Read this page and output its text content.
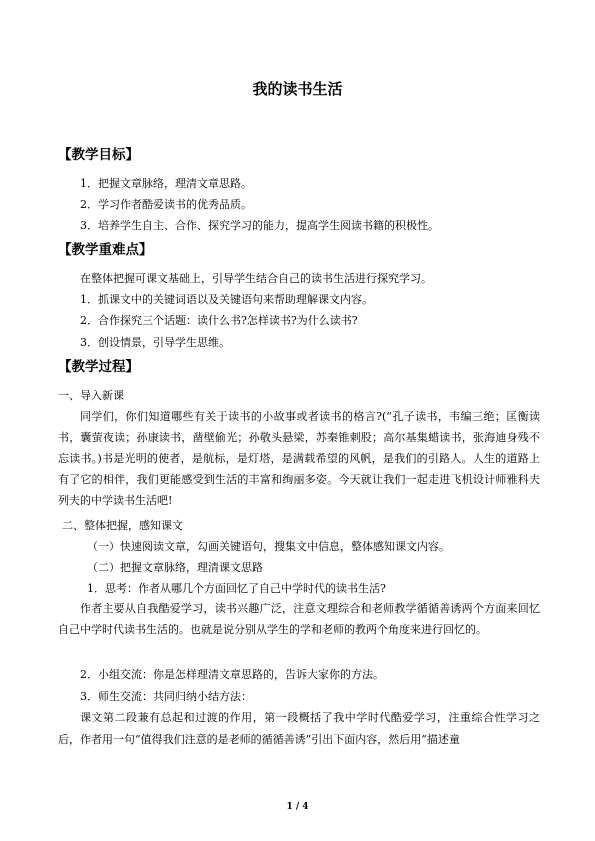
我的读书生活
【教学目标】
1．把握文章脉络，理清文章思路。
2．学习作者酷爱读书的优秀品质。
3．培养学生自主、合作、探究学习的能力，提高学生阅读书籍的积极性。
【教学重难点】
在整体把握可课文基础上，引导学生结合自己的读书生活进行探究学习。
1．抓课文中的关键词语以及关键语句来帮助理解课文内容。
2．合作探究三个话题：读什么书?怎样读书?为什么读书?
3．创设情景，引导学生思维。
【教学过程】
一、导入新课
同学们，你们知道哪些有关于读书的小故事或者读书的格言?(“孔子读书，韦编三绝；匡衡读书，囊萤夜读；孙康读书，凿壁偷光；孙敬头悬梁，苏秦锥刺股；高尔基集蜡读书，张海迪身残不忘读书。)书是光明的使者，是航标，是灯塔，是满载希望的风帆，是我们的引路人。人生的道路上有了它的相伴，我们更能感受到生活的丰富和绚丽多姿。今天就让我们一起走进飞机设计师雅科夫列夫的中学读书生活吧!
二、整体把握，感知课文
（一）快速阅读文章，勾画关键语句，搜集文中信息，整体感知课文内容。
（二）把握文章脉络，理清课文思路
1．思考：作者从哪几个方面回忆了自己中学时代的读书生活?
作者主要从自我酷爱学习，读书兴趣广泛，注意文理综合和老师教学循循善诱两个方面来回忆自己中学时代读书生活的。也就是说分别从学生的学和老师的教两个角度来进行回忆的。
2．小组交流：你是怎样理清文章思路的，告诉大家你的方法。
3．师生交流：共同归纳小结方法：
课文第二段兼有总起和过渡的作用，第一段概括了我中学时代酷爱学习，注重综合性学习之后，作者用一句“值得我们注意的是老师的循循善诱”引出下面内容，然后用“描述童
1 / 4
